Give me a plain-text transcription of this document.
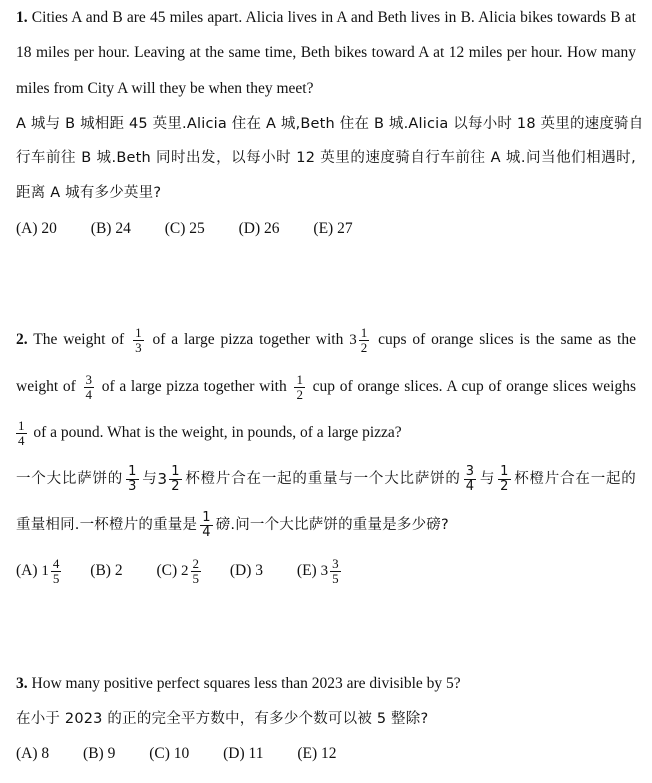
1. Cities A and B are 45 miles apart. Alicia lives in A and Beth lives in B. Alicia bikes towards B at
18 miles per hour. Leaving at the same time, Beth bikes toward A at 12 miles per hour. How many
miles from City A will they be when they meet?
A 城与 B 城相距 45 英里.Alicia 住在 A 城,Beth 住在 B 城.Alicia 以每小时 18 英里的速度骑自
行车前往 B 城.Beth 同时出发，以每小时 12 英里的速度骑自行车前往 A 城.问当他们相遇时,
距离 A 城有多少英里?
(A) 20 (B) 24 (C) 25 (D) 26 (E) 27
2. The weight of $\frac{1}{3}$ of a large pizza together with $3 \frac{1}{2}$ cups of orange slices is the same as the
weight of $\frac{3}{4}$ of a large pizza together with $\frac{1}{2}$ cup of orange slices. A cup of orange slices weighs
$\frac{1}{4}$ of a pound. What is the weight, in pounds, of a large pizza?
一个大比萨饼的 $\frac{1}{3}$ 与 $3 \frac{1}{2}$ 杯橙片合在一起的重量与一个大比萨饼的 $\frac{3}{4}$ 与 $\frac{1}{2}$ 杯橙片合在一起的
重量相同.一杯橙片的重量是 $\frac{1}{4}$ 磅.问一个大比萨饼的重量是多少磅?
(A) $1 \frac{4}{5} (B)$ 2 (C) $2 \frac{2}{5} (D)$ 3 (E) $3 \frac{3}{5}$
3. How many positive perfect squares less than 2023 are divisible by 5?
在小于 2023 的正的完全平方数中，有多少个数可以被 5 整除?
(A) 8 (B) 9 (C) 10 (D) 11 (E) 12
